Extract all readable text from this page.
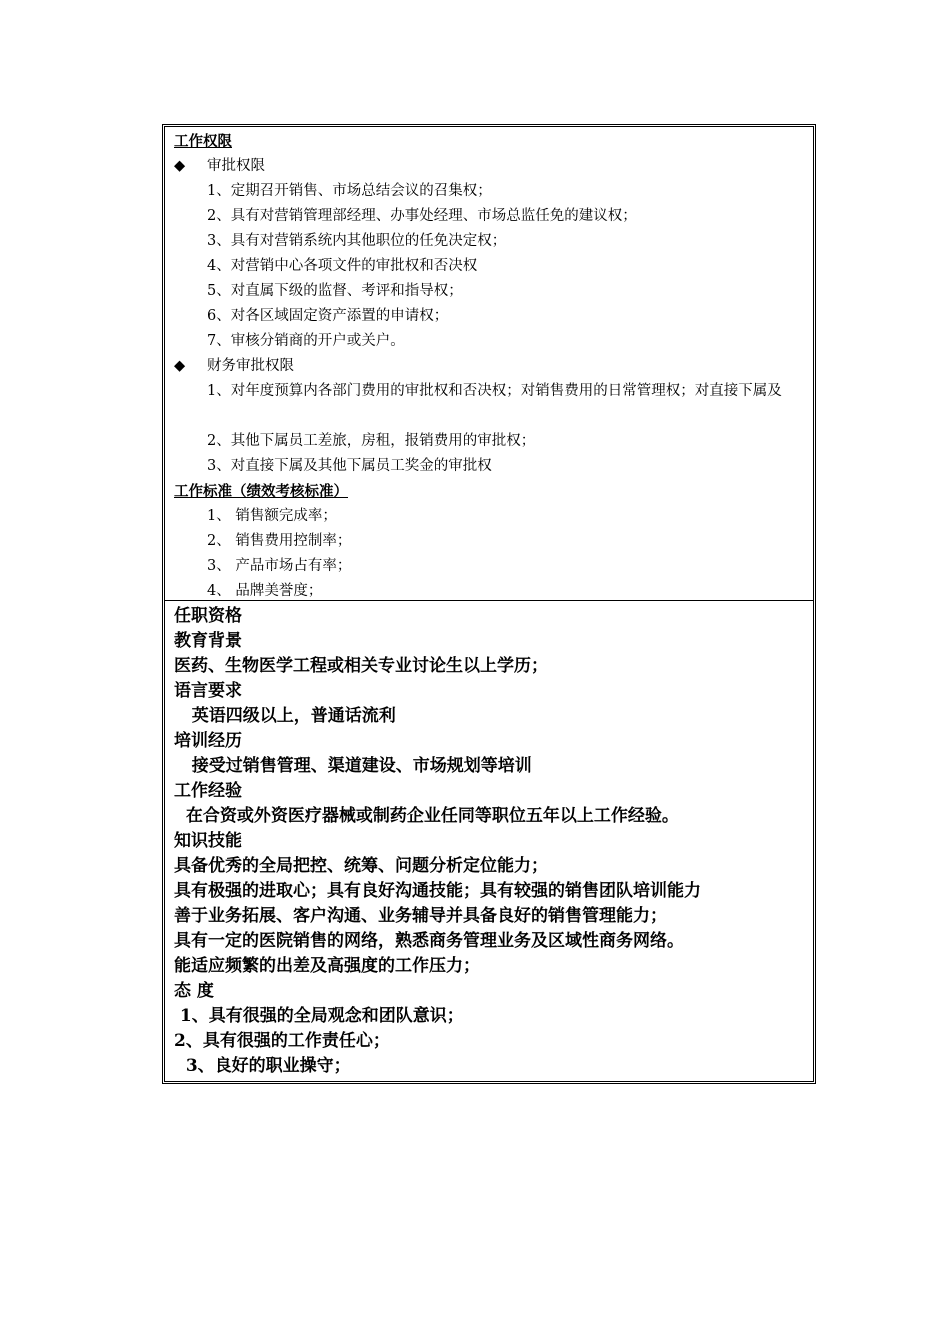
工作权限
◆	审批权限
1、定期召开销售、市场总结会议的召集权；
2、具有对营销管理部经理、办事处经理、市场总监任免的建议权；
3、具有对营销系统内其他职位的任免决定权；
4、对营销中心各项文件的审批权和否决权
5、对直属下级的监督、考评和指导权；
6、对各区域固定资产添置的申请权；
7、审核分销商的开户或关户。
◆	财务审批权限
1、对年度预算内各部门费用的审批权和否决权；对销售费用的日常管理权；对直接下属及
2、其他下属员工差旅，房租，报销费用的审批权；
3、对直接下属及其他下属员工奖金的审批权
工作标准（绩效考核标准）
1、 销售额完成率；
2、 销售费用控制率；
3、 产品市场占有率；
4、 品牌美誉度；
任职资格
教育背景
医药、生物医学工程或相关专业讨论生以上学历；
语言要求
英语四级以上，普通话流利
培训经历
接受过销售管理、渠道建设、市场规划等培训
工作经验
在合资或外资医疗器械或制药企业任同等职位五年以上工作经验。
知识技能
具备优秀的全局把控、统筹、问题分析定位能力；
具有极强的进取心；具有良好沟通技能；具有较强的销售团队培训能力
善于业务拓展、客户沟通、业务辅导并具备良好的销售管理能力；
具有一定的医院销售的网络，熟悉商务管理业务及区域性商务网络。
能适应频繁的出差及高强度的工作压力；
态 度
1、具有很强的全局观念和团队意识；
2、具有很强的工作责任心；
3、良好的职业操守；
